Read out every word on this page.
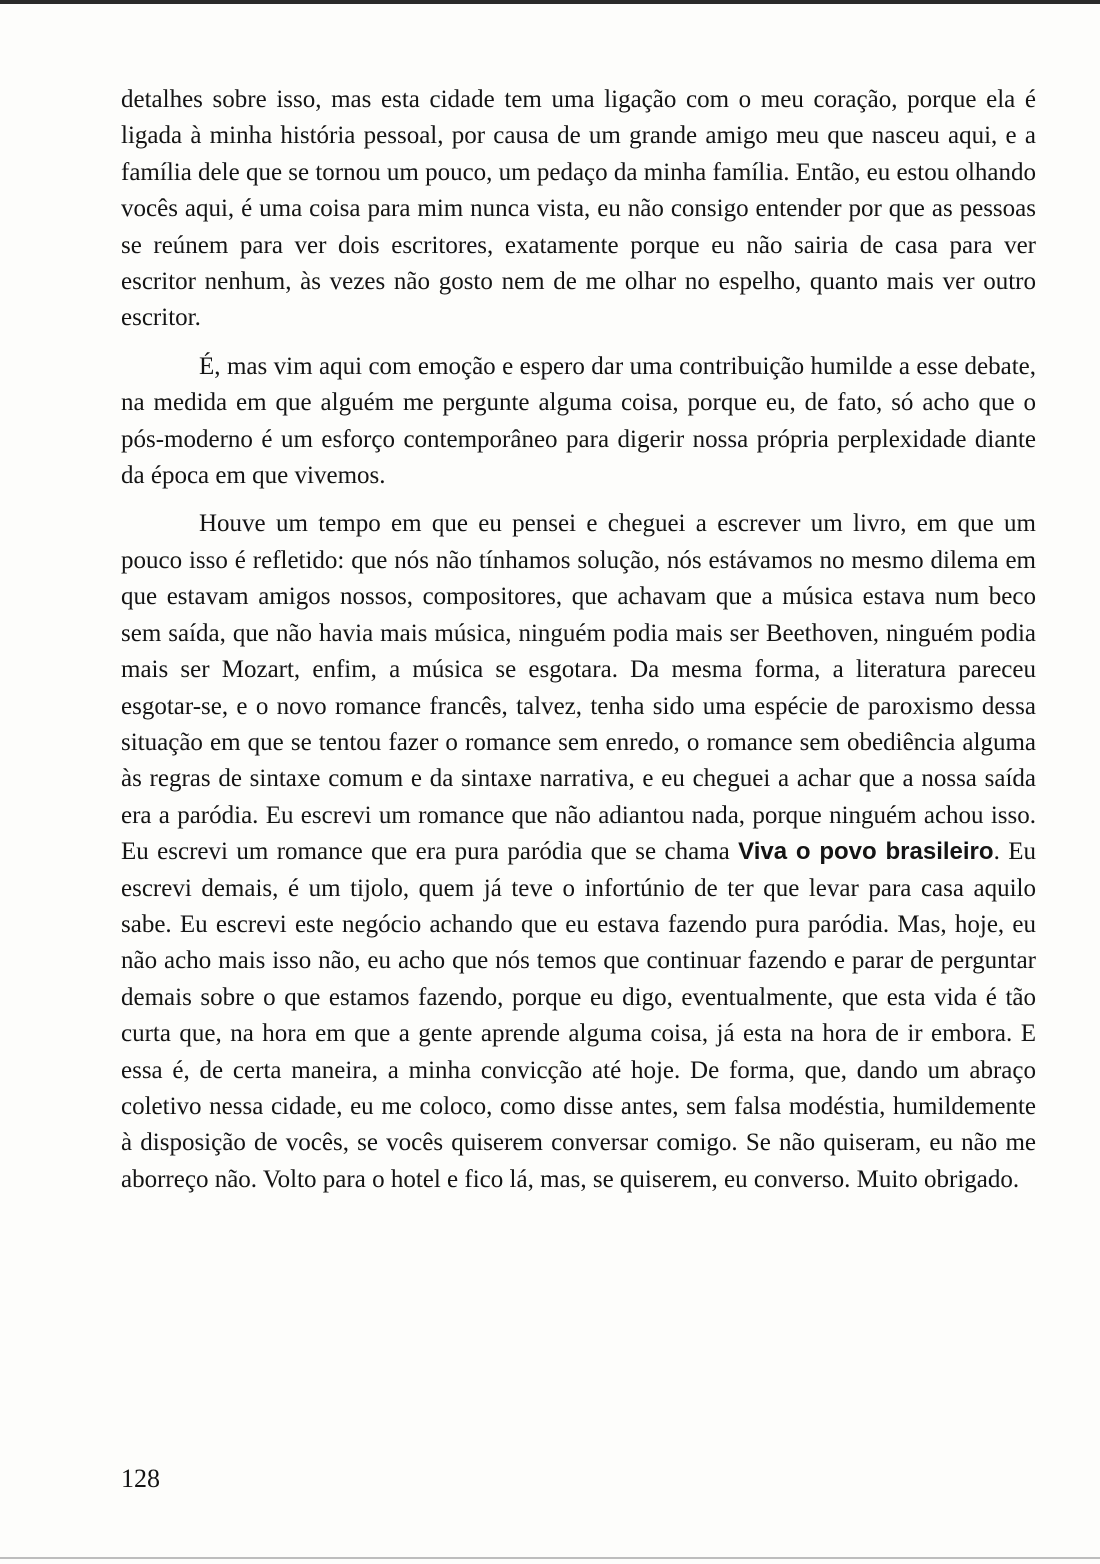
detalhes sobre isso, mas esta cidade tem uma ligação com o meu coração, porque ela é ligada à minha história pessoal, por causa de um grande amigo meu que nasceu aqui, e a família dele que se tornou um pouco, um pedaço da minha família. Então, eu estou olhando vocês aqui, é uma coisa para mim nunca vista, eu não consigo entender por que as pessoas se reúnem para ver dois escritores, exatamente porque eu não sairia de casa para ver escritor nenhum, às vezes não gosto nem de me olhar no espelho, quanto mais ver outro escritor.

É, mas vim aqui com emoção e espero dar uma contribuição humilde a esse debate, na medida em que alguém me pergunte alguma coisa, porque eu, de fato, só acho que o pós-moderno é um esforço contemporâneo para digerir nossa própria perplexidade diante da época em que vivemos.

Houve um tempo em que eu pensei e cheguei a escrever um livro, em que um pouco isso é refletido: que nós não tínhamos solução, nós estávamos no mesmo dilema em que estavam amigos nossos, compositores, que achavam que a música estava num beco sem saída, que não havia mais música, ninguém podia mais ser Beethoven, ninguém podia mais ser Mozart, enfim, a música se esgotara. Da mesma forma, a literatura pareceu esgotar-se, e o novo romance francês, talvez, tenha sido uma espécie de paroxismo dessa situação em que se tentou fazer o romance sem enredo, o romance sem obediência alguma às regras de sintaxe comum e da sintaxe narrativa, e eu cheguei a achar que a nossa saída era a paródia. Eu escrevi um romance que não adiantou nada, porque ninguém achou isso. Eu escrevi um romance que era pura paródia que se chama Viva o povo brasileiro. Eu escrevi demais, é um tijolo, quem já teve o infortúnio de ter que levar para casa aquilo sabe. Eu escrevi este negócio achando que eu estava fazendo pura paródia. Mas, hoje, eu não acho mais isso não, eu acho que nós temos que continuar fazendo e parar de perguntar demais sobre o que estamos fazendo, porque eu digo, eventualmente, que esta vida é tão curta que, na hora em que a gente aprende alguma coisa, já esta na hora de ir embora. E essa é, de certa maneira, a minha convicção até hoje. De forma, que, dando um abraço coletivo nessa cidade, eu me coloco, como disse antes, sem falsa modéstia, humildemente à disposição de vocês, se vocês quiserem conversar comigo. Se não quiseram, eu não me aborreço não. Volto para o hotel e fico lá, mas, se quiserem, eu converso. Muito obrigado.

128
